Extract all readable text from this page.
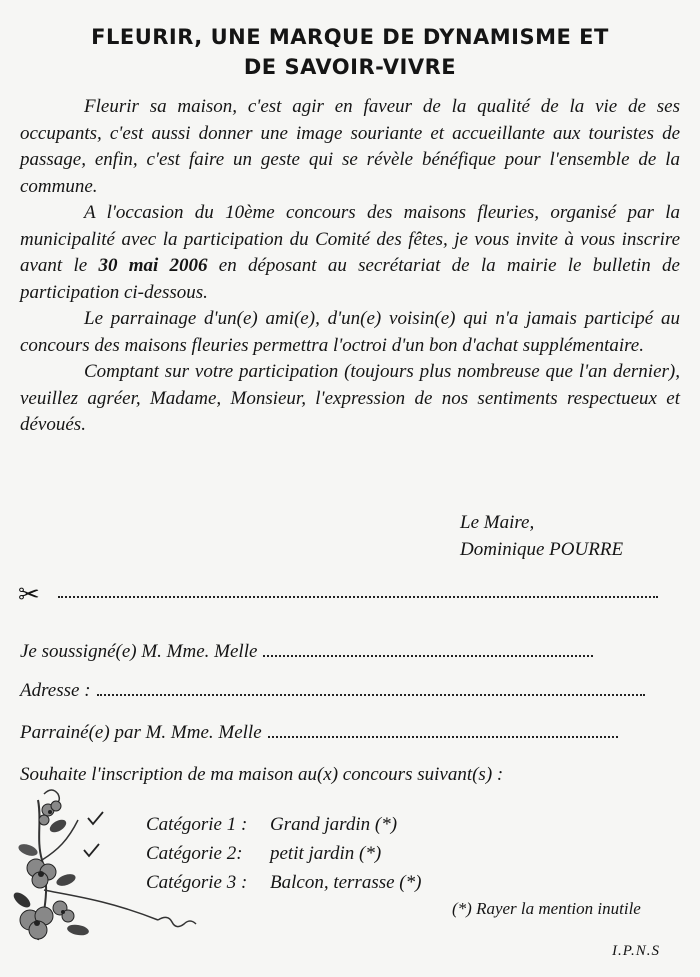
FLEURIR, UNE MARQUE DE DYNAMISME ET
DE SAVOIR-VIVRE

Fleurir sa maison, c'est agir en faveur de la qualité de la vie de ses occupants, c'est aussi donner une image souriante et accueillante aux touristes de passage, enfin, c'est faire un geste qui se révèle bénéfique pour l'ensemble de la commune.

A l'occasion du 10ème concours des maisons fleuries, organisé par la municipalité avec la participation du Comité des fêtes, je vous invite à vous inscrire avant le 30 mai 2006 en déposant au secrétariat de la mairie le bulletin de participation ci-dessous.

Le parrainage d'un(e) ami(e), d'un(e) voisin(e) qui n'a jamais participé au concours des maisons fleuries permettra l'octroi d'un bon d'achat supplémentaire.

Comptant sur votre participation (toujours plus nombreuse que l'an dernier), veuillez agréer, Madame, Monsieur, l'expression de nos sentiments respectueux et dévoués.

Le Maire,
Dominique POURRE
✂
Je soussigné(e) M. Mme. Melle
Adresse :
Parrainé(e) par M. Mme. Melle
Souhaite l'inscription de ma maison au(x) concours suivant(s) :
Catégorie 1 : Grand jardin (*)
Catégorie 2: petit jardin (*)
Catégorie 3 : Balcon, terrasse (*)
(*) Rayer la mention inutile
I.P.N.S
